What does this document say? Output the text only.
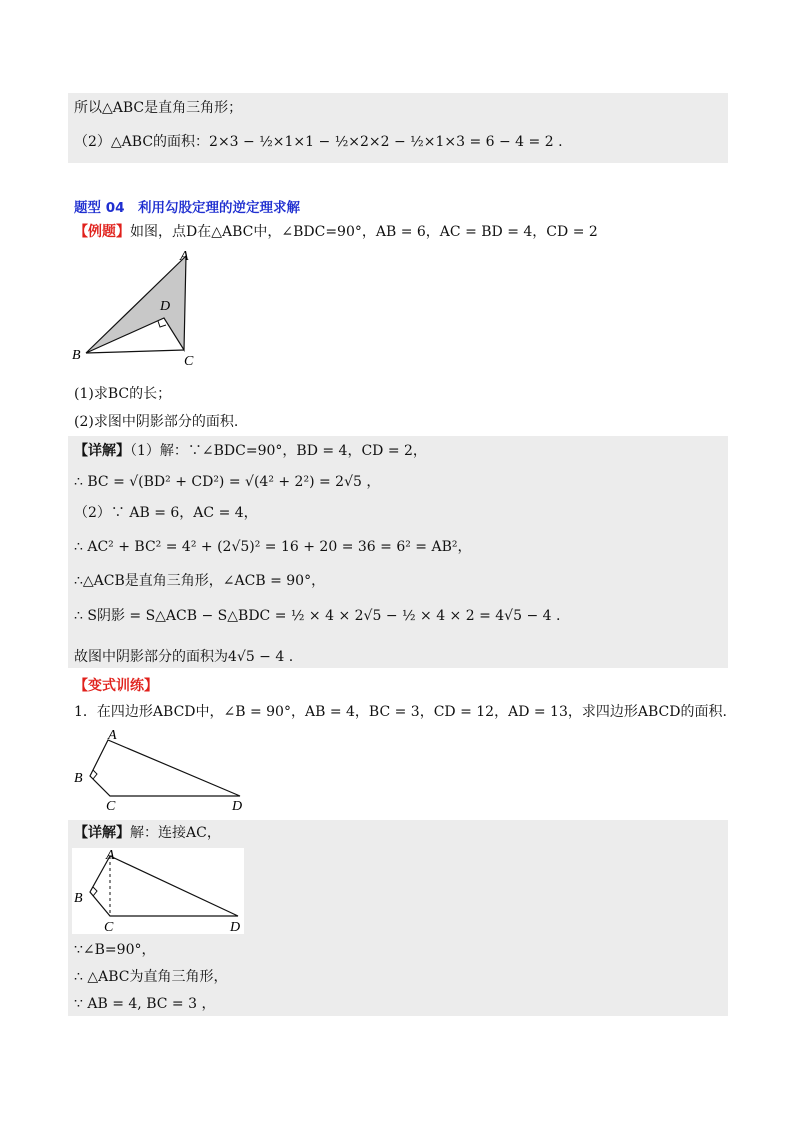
所以△ABC是直角三角形；
（2）△ABC的面积：2×3 − ½×1×1 − ½×2×2 − ½×1×3 = 6 − 4 = 2 .
题型 04　利用勾股定理的逆定理求解
【例题】如图，点D在△ABC中，∠BDC=90°，AB = 6，AC = BD = 4，CD = 2
A
B	C
D
(1)求BC的长；
(2)求图中阴影部分的面积.
【详解】（1）解：∵∠BDC=90°，BD = 4，CD = 2，
∴ BC = √(BD² + CD²) = √(4² + 2²) = 2√5 ，
（2）∵ AB = 6，AC = 4，
∴ AC² + BC² = 4² + (2√5)² = 16 + 20 = 36 = 6² = AB²，
∴△ACB是直角三角形，∠ACB = 90°，
∴ S阴影 = S△ACB − S△BDC = ½ × 4 × 2√5 − ½ × 4 × 2 = 4√5 − 4 .
故图中阴影部分的面积为4√5 − 4 .
【变式训练】
1．在四边形ABCD中，∠B = 90°，AB = 4，BC = 3，CD = 12，AD = 13，求四边形ABCD的面积.
A
B
C	D
【详解】解：连接AC，
A
B
C	D
∵∠B=90°，
∴ △ABC为直角三角形，
∵ AB = 4, BC = 3 ，
